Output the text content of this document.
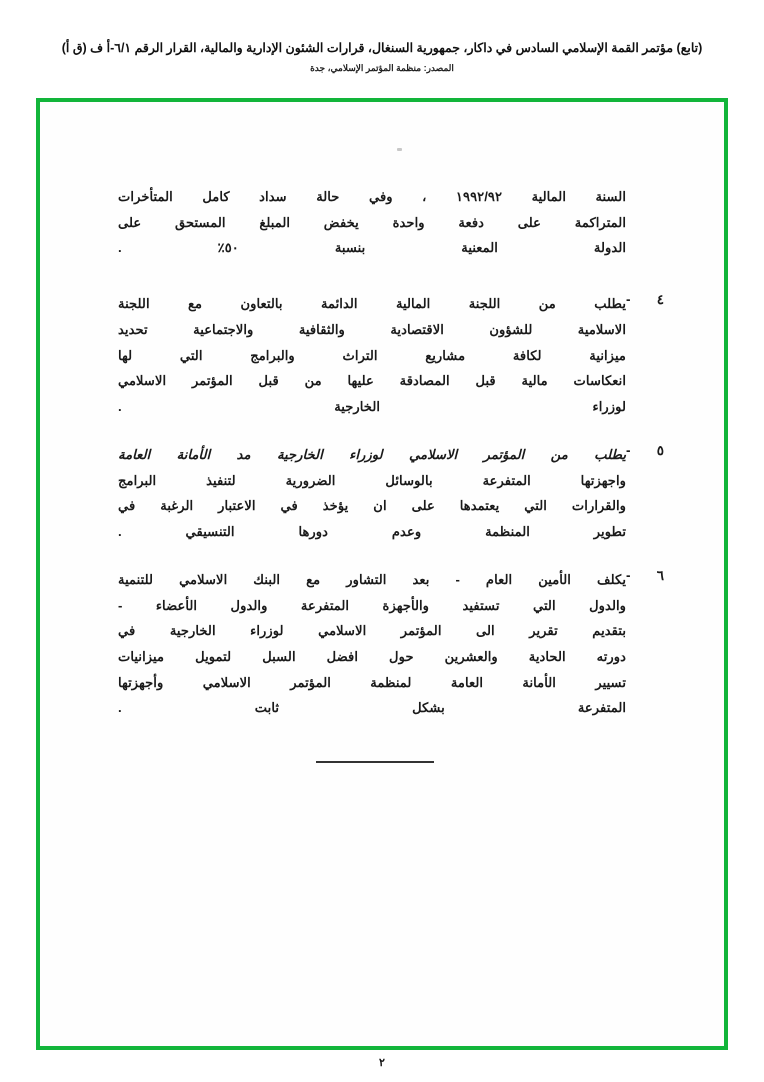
(تابع) مؤتمر القمة الإسلامي السادس في داكار، جمهورية السنغال، قرارات الشئون الإدارية والمالية، القرار الرقم ٦/١-أ ف (ق أ)
المصدر: منظمة المؤتمر الإسلامي، جدة
السنة المالية ١٩٩٢/٩٢ ، وفي حالة سداد كامل المتأخرات
المتراكمة على دفعة واحدة يخفض المبلغ المستحق على
الدولة المعنية بنسبة ٥٠٪ .
٤ -
يطلب من اللجنة المالية الدائمة بالتعاون مع اللجنة
الاسلامية للشؤون الاقتصادية والثقافية والاجتماعية تحديد
ميزانية لكافة مشاريع التراث والبرامج التي لها
انعكاسات مالية قبل المصادقة عليها من قبل المؤتمر الاسلامي
لوزراء الخارجية .
٥ -
يطلب من المؤتمر الاسلامي لوزراء الخارجية مد الأمانة العامة
واجهزتها المتفرعة بالوسائل الضرورية لتنفيذ البرامج
والقرارات التي يعتمدها على ان يؤخذ في الاعتبار الرغبة في
تطوير المنظمة وعدم دورها التنسيقي .
٦ -
يكلف الأمين العام - بعد التشاور مع البنك الاسلامي للتنمية
والدول التي تستفيد والأجهزة المتفرعة والدول الأعضاء -
بتقديم تقرير الى المؤتمر الاسلامي لوزراء الخارجية في
دورته الحادية والعشرين حول افضل السبل لتمويل ميزانيات
تسيير الأمانة العامة لمنظمة المؤتمر الاسلامي وأجهزتها
المتفرعة بشكل ثابت .
٢
